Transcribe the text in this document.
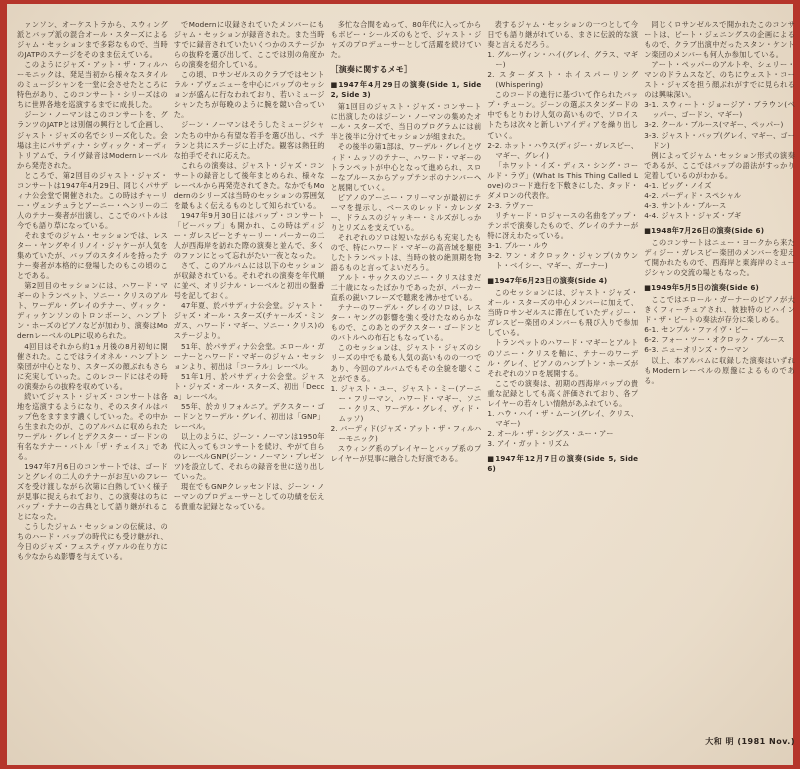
ァンソン、オーケストラから、スウィング派とバップ派の混合オール・スターズによるジャム・セッションまで多彩なもので、当時のJATPのステージをそのまま伝えている。

このようにジャズ・アット・ザ・フィルハーモニックは、発足当初から様々なスタイルのミュージシャンを一堂に会させたところに特色があり、このコンサート・シリーズはのちに世界各地を巡演するまでに成長した。

ジーン・ノーマンはこのコンサートを、グランツのJATPとは別個の興行として企画し、ジャスト・ジャズの名でシリーズ化した。会場は主にパサディナ・シヴィック・オーディトリアムで、ライヴ録音はModernレーベルから発売された。

ところで、第2回目のジャスト・ジャズ・コンサートは1947年4月29日、同じくパサディナ公会堂で開催された。この時はチャーリー・ヴェンチュラとアーニー・ヘンリーの二人のテナー奏者が出演し、ここでのバトルは今でも語り草になっている。

それまでのジャム・セッションでは、レスター・ヤングやイリノイ・ジャケーが人気を集めていたが、バップのスタイルを持ったテナー奏者が本格的に登場したのもこの頃のことである。

第2回目のセッションには、ハワード・マギーのトランペット、ソニー・クリスのアルト、ワーデル・グレイのテナー、ヴィック・ディッケンソンのトロンボーン、ハンプトン・ホーズのピアノなどが加わり、演奏はModernレーベルのLPに収められた。

4回目はそれから約1ヵ月後の8月初旬に開催された。ここではライオネル・ハンプトン楽団が中心となり、スターズの顔ぶれもさらに充実していった。このレコードにはその時の演奏からの抜粋を収めている。

続いてジャスト・ジャズ・コンサートは各地を巡演するようになり、そのスタイルはバップ色をますます濃くしていった。その中から生まれたのが、このアルバムに収められたワーデル・グレイとデクスター・ゴードンの有名なテナー・バトル「ザ・チェイス」である。

1947年7月6日のコンサートでは、ゴードンとグレイの二人のテナーがお互いのフレーズを受け渡しながら次第に白熱していく様子が見事に捉えられており、この演奏はのちにバップ・テナーの古典として語り継がれることになった。

こうしたジャム・セッションの伝統は、のちのハード・バップの時代にも受け継がれ、今日のジャズ・フェスティヴァルの在り方にも少なからぬ影響を与えている。

でModernに収録されていたメンバーにもジャム・セッションが録音された。また当時すでに録音されていたいくつかのステージからの抜粋を選び出して、ここでは別の角度からの演奏を紹介している。

この頃、ロサンゼルスのクラブではセントラル・アヴェニューを中心にバップのセッションが盛んに行なわれており、若いミュージシャンたちが毎晩のように腕を競い合っていた。

ジーン・ノーマンはそうしたミュージシャンたちの中から有望な若手を選び出し、ベテランと共にステージに上げた。観客は熱狂的な拍手でそれに応えた。

これらの演奏は、ジャスト・ジャズ・コンサートの録音として後年まとめられ、様々なレーベルから再発売されてきた。なかでもModernのシリーズは当時のセッションの雰囲気を最もよく伝えるものとして知られている。

1947年9月30日にはバップ・コンサート「ビーバップ」も開かれ、この時はディジー・ガレスピーとチャーリー・パーカーの二人が西海岸を訪れた際の演奏と並んで、多くのファンにとって忘れがたい一夜となった。

さて、このアルバムには以下のセッションが収録されている。それぞれの演奏を年代順に並べ、オリジナル・レーベルと初出の盤番号を記しておく。

47年夏、於パサディナ公会堂。ジャスト・ジャズ・オール・スターズ(チャールズ・ミンガス、ハワード・マギー、ソニー・クリス)のステージより。

51年、於パサディナ公会堂。エロール・ガーナーとハワード・マギーのジャム・セッションより、初出は「コーラル」レーベル。

51年1月、於パサディナ公会堂。ジャスト・ジャズ・オール・スターズ、初出「Decca」レーベル。

55年、於カリフォルニア。デクスター・ゴードンとワーデル・グレイ、初出は「GNP」レーベル。

以上のように、ジーン・ノーマンは1950年代に入ってもコンサートを続け、やがて自らのレーベルGNP(ジーン・ノーマン・プレゼンツ)を設立して、それらの録音を世に送り出していった。

現在でもGNPクレッセンドは、ジーン・ノーマンのプロデューサーとしての功績を伝える貴重な記録となっている。

多忙な合間をぬって、80年代に入ってからもボビー・シールズのもとで、ジャスト・ジャズのプロデューサーとして活躍を続けていた。

［演奏に関するメモ］

■1947年4月29日の演奏(Side 1, Side 2, Side 3)

第1回目のジャスト・ジャズ・コンサートに出演したのはジーン・ノーマンの集めたオール・スターズで、当日のプログラムには前半と後半に分けてセッションが組まれた。

その後半の第1部は、ワーデル・グレイとヴィド・ムッソのテナー、ハワード・マギーのトランペットが中心となって進められ、スローなブルースからアップテンポのナンバーへと展開していく。

ピアノのアーニー・フリーマンが最初にテーマを提示し、ベースのレッド・カレンダー、ドラムスのジャッキー・ミルズがしっかりとリズムを支えている。

それぞれのソロは短いながらも充実したもので、特にハワード・マギーの高音域を駆使したトランペットは、当時の彼の絶頂期を物語るものと言ってよいだろう。

アルト・サックスのソニー・クリスはまだ二十歳になったばかりであったが、パーカー直系の鋭いフレーズで聴衆を沸かせている。

テナーのワーデル・グレイのソロは、レスター・ヤングの影響を強く受けたなめらかなもので、このあとのデクスター・ゴードンとのバトルへの布石ともなっている。

このセッションは、ジャスト・ジャズのシリーズの中でも最も人気の高いものの一つであり、今回のアルバムでもその全貌を聴くことができる。

1. ジャスト・ユー、ジャスト・ミー(アーニー・フリーマン、ハワード・マギー、ソニー・クリス、ワーデル・グレイ、ヴィド・ムッソ)

2. バーディド(ジャズ・アット・ザ・フィルハーモニック)

スウィング系のプレイヤーとバップ系のプレイヤーが見事に融合した好演である。

表するジャム・セッションの一つとして今日でも語り継がれている、まさに伝説的な演奏と言えるだろう。

1. グルーヴィン・ハイ(グレイ、グラス、マギー)

2. スターダスト・ホイスパーリング(Whispering)

このコードの進行に基づいて作られたバップ・チューン。ジーンの選ぶスタンダードの中でもとりわけ人気の高いもので、ソロイストたちは次々と新しいアイディアを繰り出していく。

2-2. ホット・ハウス(ディジー・ガレスピー、マギー、グレイ)

「ホワット・イズ・ディス・シング・コールド・ラヴ」(What Is This Thing Called Love)のコード進行を下敷きにした、タッド・ダメロンの代表作。

2-3. ラヴァー

リチャード・ロジャースの名曲をアップ・テンポで演奏したもので、グレイのテナーが特に冴えわたっている。

3-1. ブルー・ルウ

3-2. ワン・オクロック・ジャンプ(カウント・ベイシー、マギー、ガーナー)

■1947年6月23日の演奏(Side 4)

このセッションには、ジャスト・ジャズ・オール・スターズの中心メンバーに加えて、当時ロサンゼルスに滞在していたディジー・ガレスピー楽団のメンバーも飛び入りで参加している。

トランペットのハワード・マギーとアルトのソニー・クリスを軸に、テナーのワーデル・グレイ、ピアノのハンプトン・ホーズがそれぞれのソロを展開する。

ここでの演奏は、初期の西海岸バップの貴重な記録としても高く評価されており、各プレイヤーの若々しい情熱があふれている。

1. ハウ・ハイ・ザ・ムーン(グレイ、クリス、マギー)

2. オール・ザ・シングス・ユー・アー

3. アイ・ガット・リズム

■1947年12月7日の演奏(Side 5, Side 6)

同じくロサンゼルスで開かれたこのコンサートは、ビート・ジェニングスの企画によるもので、クラブ出演中だったスタン・ケントン楽団のメンバーも何人か参加している。

アート・ペッパーのアルトや、シェリー・マンのドラムスなど、のちにウェスト・コースト・ジャズを担う顔ぶれがすでに見られるのは興味深い。

3-1. スウィート・ジョージア・ブラウン(ペッパー、ゴードン、マギー)

3-2. クール・ブルース(マギー、ペッパー)

3-3. ジャスト・バップ(グレイ、マギー、ゴードン)

例によってジャム・セッション形式の演奏であるが、ここではバップの語法がすっかり定着しているのがわかる。

4-1. ビッグ・ノイズ

4-2. パーディド・スペシャル

4-3. サントル・ブルース

4-4. ジャスト・ジャズ・ブギ

■1948年7月26日の演奏(Side 6)

このコンサートはニュー・ヨークから来たディジー・ガレスピー楽団のメンバーを迎えて開かれたもので、西海岸と東海岸のミュージシャンの交流の場ともなった。

■1949年5月5日の演奏(Side 6)

ここではエロール・ガーナーのピアノが大きくフィーチュアされ、彼独特のビハインド・ザ・ビートの奏法が存分に楽しめる。

6-1. センプル・ファイヴ・ビー

6-2. フォー・ツー・オクロック・ブルース

6-3. ニューオリンズ・ウーマン

以上、本アルバムに収録した演奏はいずれもModernレーベルの原盤によるものである。

大和 明 (1981 Nov.)
